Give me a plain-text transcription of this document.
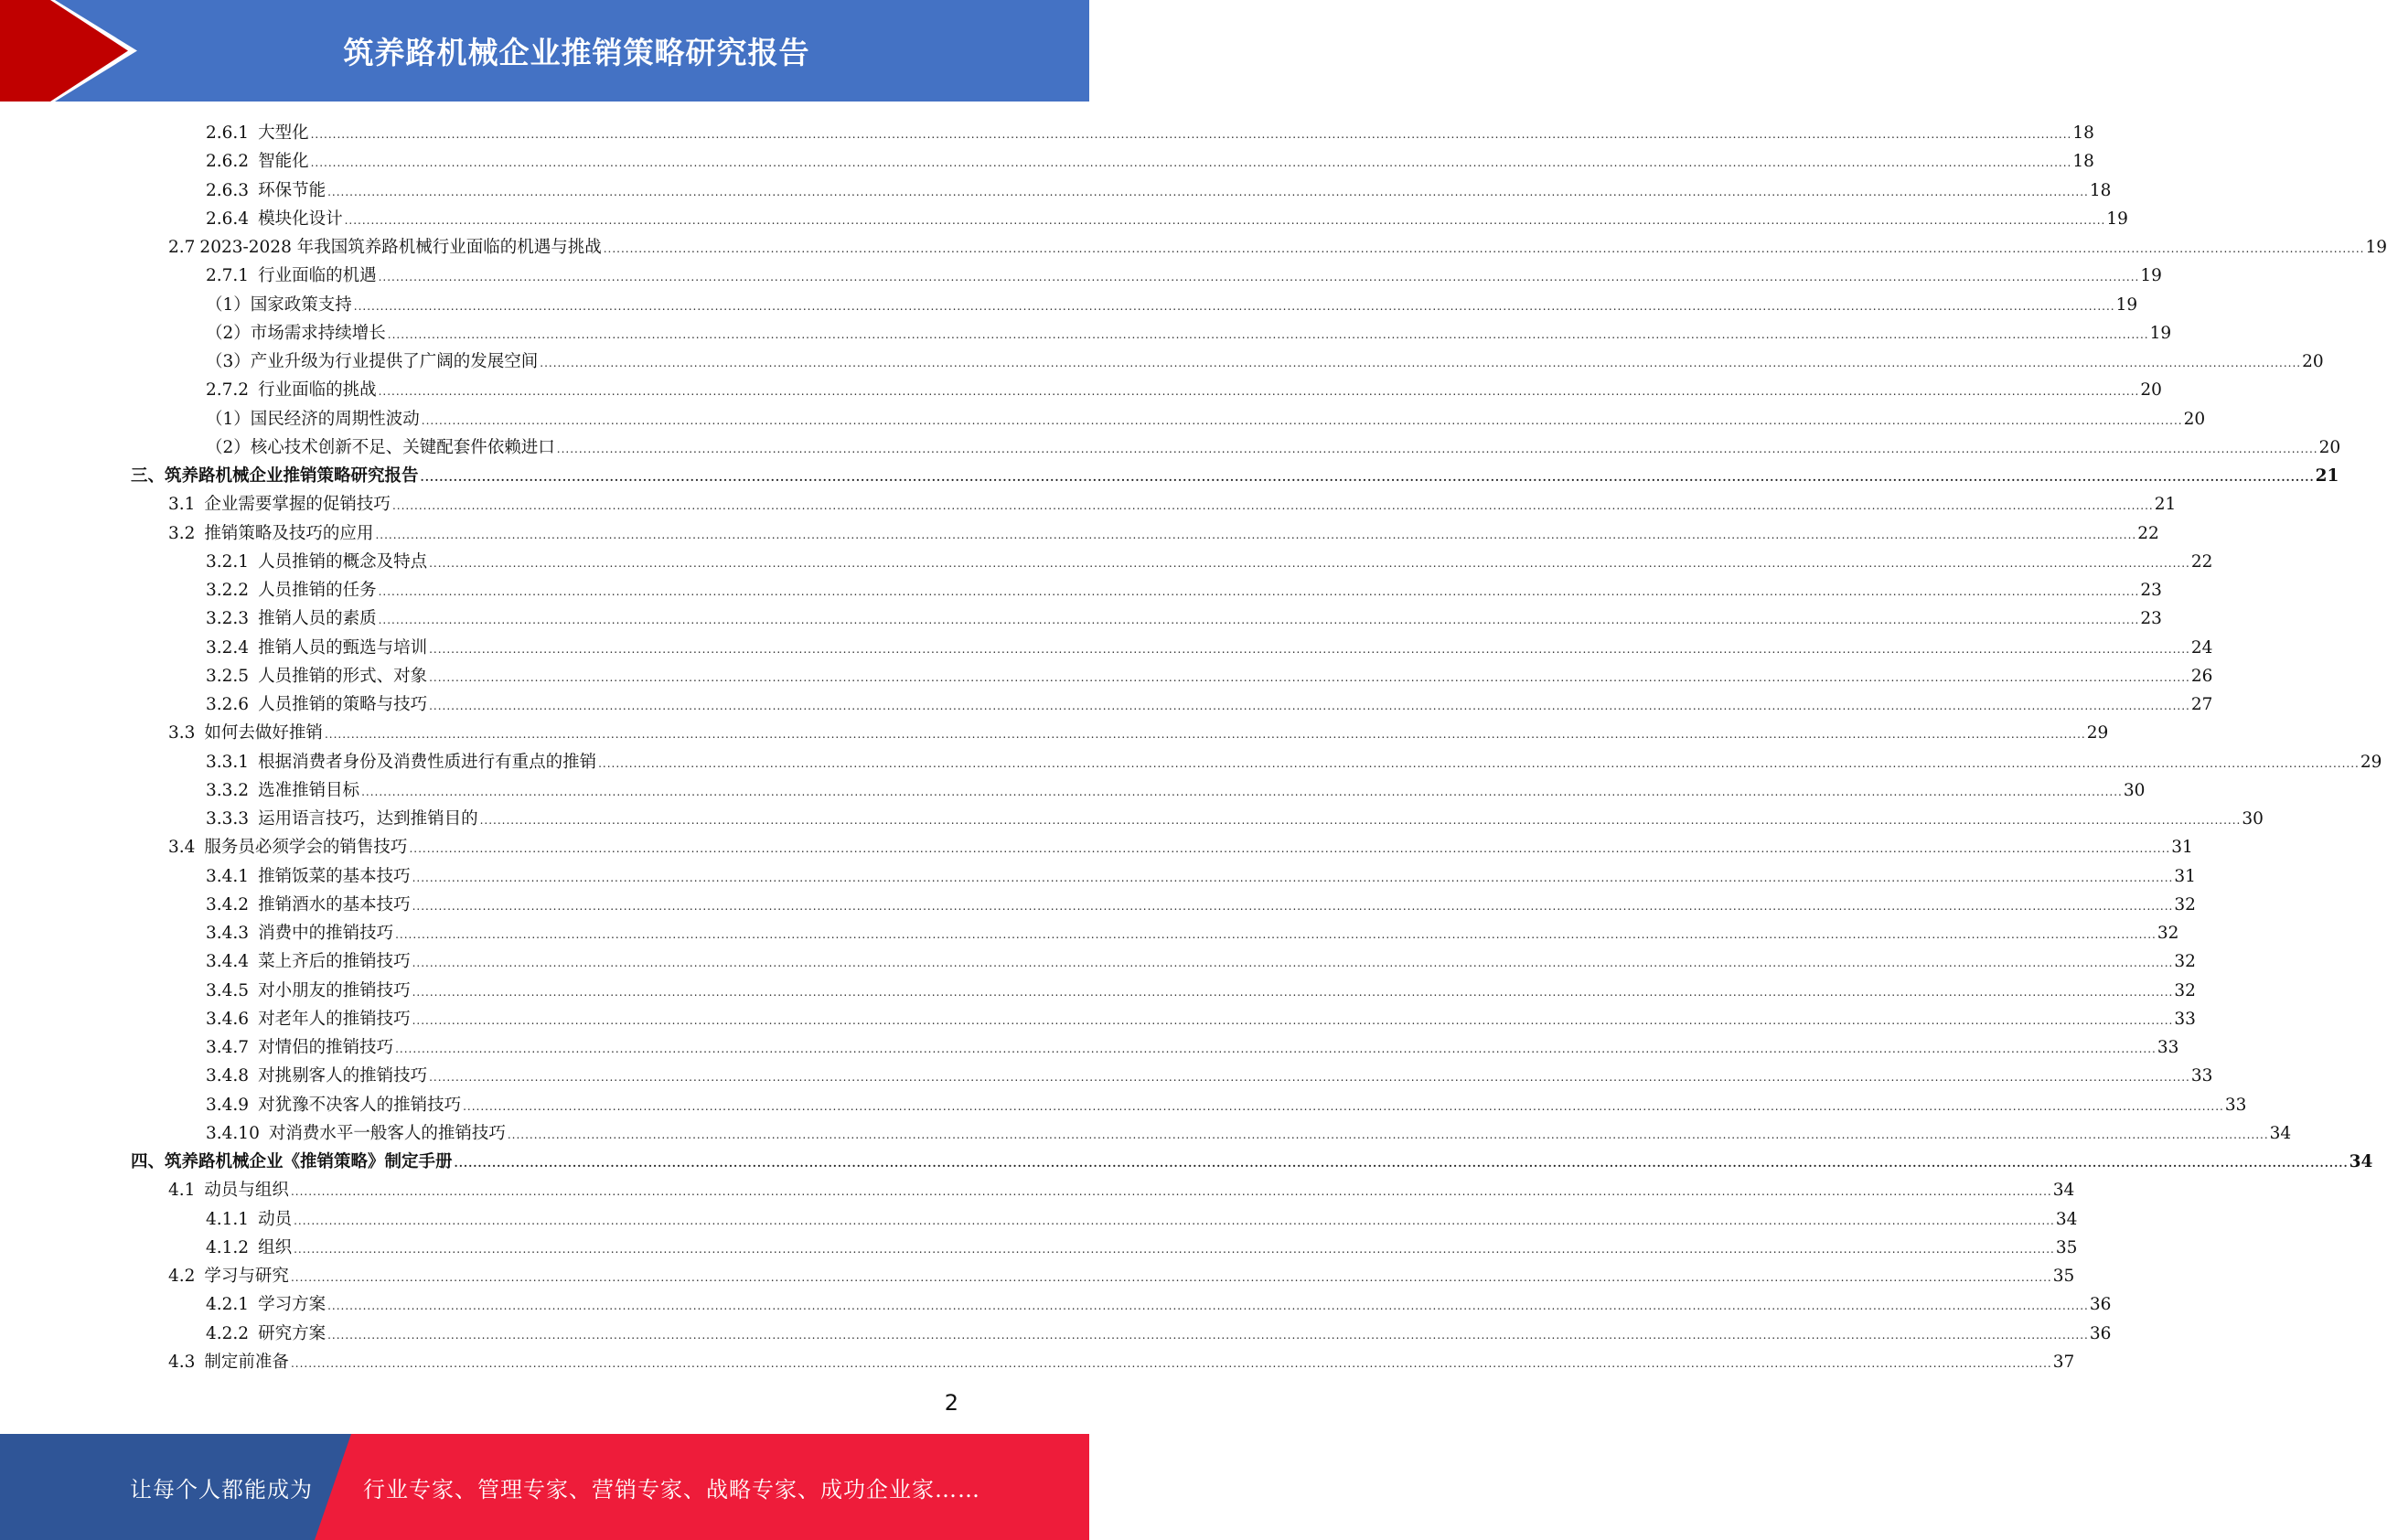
筑养路机械企业推销策略研究报告
2.6.1 大型化 ................................................................................................................................................................................................................................................................................................................................................................................................................ 18
2.6.2 智能化 ................................................................................................................................................................................................................................................................................................................................................................................................................ 18
2.6.3 环保节能 ................................................................................................................................................................................................................................................................................................................................................................................................................ 18
2.6.4 模块化设计 ................................................................................................................................................................................................................................................................................................................................................................................................................ 19
2.7 2023-2028 年我国筑养路机械行业面临的机遇与挑战 ................................................................................................................................................................................................................................................................................................................................................................................................................ 19
2.7.1 行业面临的机遇 ................................................................................................................................................................................................................................................................................................................................................................................................................ 19
（1） 国家政策支持 ................................................................................................................................................................................................................................................................................................................................................................................................................ 19
（2） 市场需求持续增长 ................................................................................................................................................................................................................................................................................................................................................................................................................ 19
（3） 产业升级为行业提供了广阔的发展空间 ................................................................................................................................................................................................................................................................................................................................................................................................................ 20
2.7.2 行业面临的挑战 ................................................................................................................................................................................................................................................................................................................................................................................................................ 20
（1） 国民经济的周期性波动 ................................................................................................................................................................................................................................................................................................................................................................................................................ 20
（2） 核心技术创新不足、关键配套件依赖进口 ................................................................................................................................................................................................................................................................................................................................................................................................................ 20
三、 筑养路机械企业推销策略研究报告 ................................................................................................................................................................................................................................................................................................................................................................................................................ 21
3.1 企业需要掌握的促销技巧 ................................................................................................................................................................................................................................................................................................................................................................................................................ 21
3.2 推销策略及技巧的应用 ................................................................................................................................................................................................................................................................................................................................................................................................................ 22
3.2.1 人员推销的概念及特点 ................................................................................................................................................................................................................................................................................................................................................................................................................ 22
3.2.2 人员推销的任务 ................................................................................................................................................................................................................................................................................................................................................................................................................ 23
3.2.3 推销人员的素质 ................................................................................................................................................................................................................................................................................................................................................................................................................ 23
3.2.4 推销人员的甄选与培训 ................................................................................................................................................................................................................................................................................................................................................................................................................ 24
3.2.5 人员推销的形式、对象 ................................................................................................................................................................................................................................................................................................................................................................................................................ 26
3.2.6 人员推销的策略与技巧 ................................................................................................................................................................................................................................................................................................................................................................................................................ 27
3.3 如何去做好推销 ................................................................................................................................................................................................................................................................................................................................................................................................................ 29
3.3.1 根据消费者身份及消费性质进行有重点的推销 ................................................................................................................................................................................................................................................................................................................................................................................................................ 29
3.3.2 选准推销目标 ................................................................................................................................................................................................................................................................................................................................................................................................................ 30
3.3.3 运用语言技巧，达到推销目的 ................................................................................................................................................................................................................................................................................................................................................................................................................ 30
3.4 服务员必须学会的销售技巧 ................................................................................................................................................................................................................................................................................................................................................................................................................ 31
3.4.1 推销饭菜的基本技巧 ................................................................................................................................................................................................................................................................................................................................................................................................................ 31
3.4.2 推销酒水的基本技巧 ................................................................................................................................................................................................................................................................................................................................................................................................................ 32
3.4.3 消费中的推销技巧 ................................................................................................................................................................................................................................................................................................................................................................................................................ 32
3.4.4 菜上齐后的推销技巧 ................................................................................................................................................................................................................................................................................................................................................................................................................ 32
3.4.5 对小朋友的推销技巧 ................................................................................................................................................................................................................................................................................................................................................................................................................ 32
3.4.6 对老年人的推销技巧 ................................................................................................................................................................................................................................................................................................................................................................................................................ 33
3.4.7 对情侣的推销技巧 ................................................................................................................................................................................................................................................................................................................................................................................................................ 33
3.4.8 对挑剔客人的推销技巧 ................................................................................................................................................................................................................................................................................................................................................................................................................ 33
3.4.9 对犹豫不决客人的推销技巧 ................................................................................................................................................................................................................................................................................................................................................................................................................ 33
3.4.10 对消费水平一般客人的推销技巧 ................................................................................................................................................................................................................................................................................................................................................................................................................ 34
四、 筑养路机械企业《推销策略》制定手册 ................................................................................................................................................................................................................................................................................................................................................................................................................ 34
4.1 动员与组织 ................................................................................................................................................................................................................................................................................................................................................................................................................ 34
4.1.1 动员 ................................................................................................................................................................................................................................................................................................................................................................................................................ 34
4.1.2 组织 ................................................................................................................................................................................................................................................................................................................................................................................................................ 35
4.2 学习与研究 ................................................................................................................................................................................................................................................................................................................................................................................................................ 35
4.2.1 学习方案 ................................................................................................................................................................................................................................................................................................................................................................................................................ 36
4.2.2 研究方案 ................................................................................................................................................................................................................................................................................................................................................................................................................ 36
4.3 制定前准备 ................................................................................................................................................................................................................................................................................................................................................................................................................ 37
2
让每个人都能成为 行业专家、管理专家、营销专家、战略专家、成功企业家……
